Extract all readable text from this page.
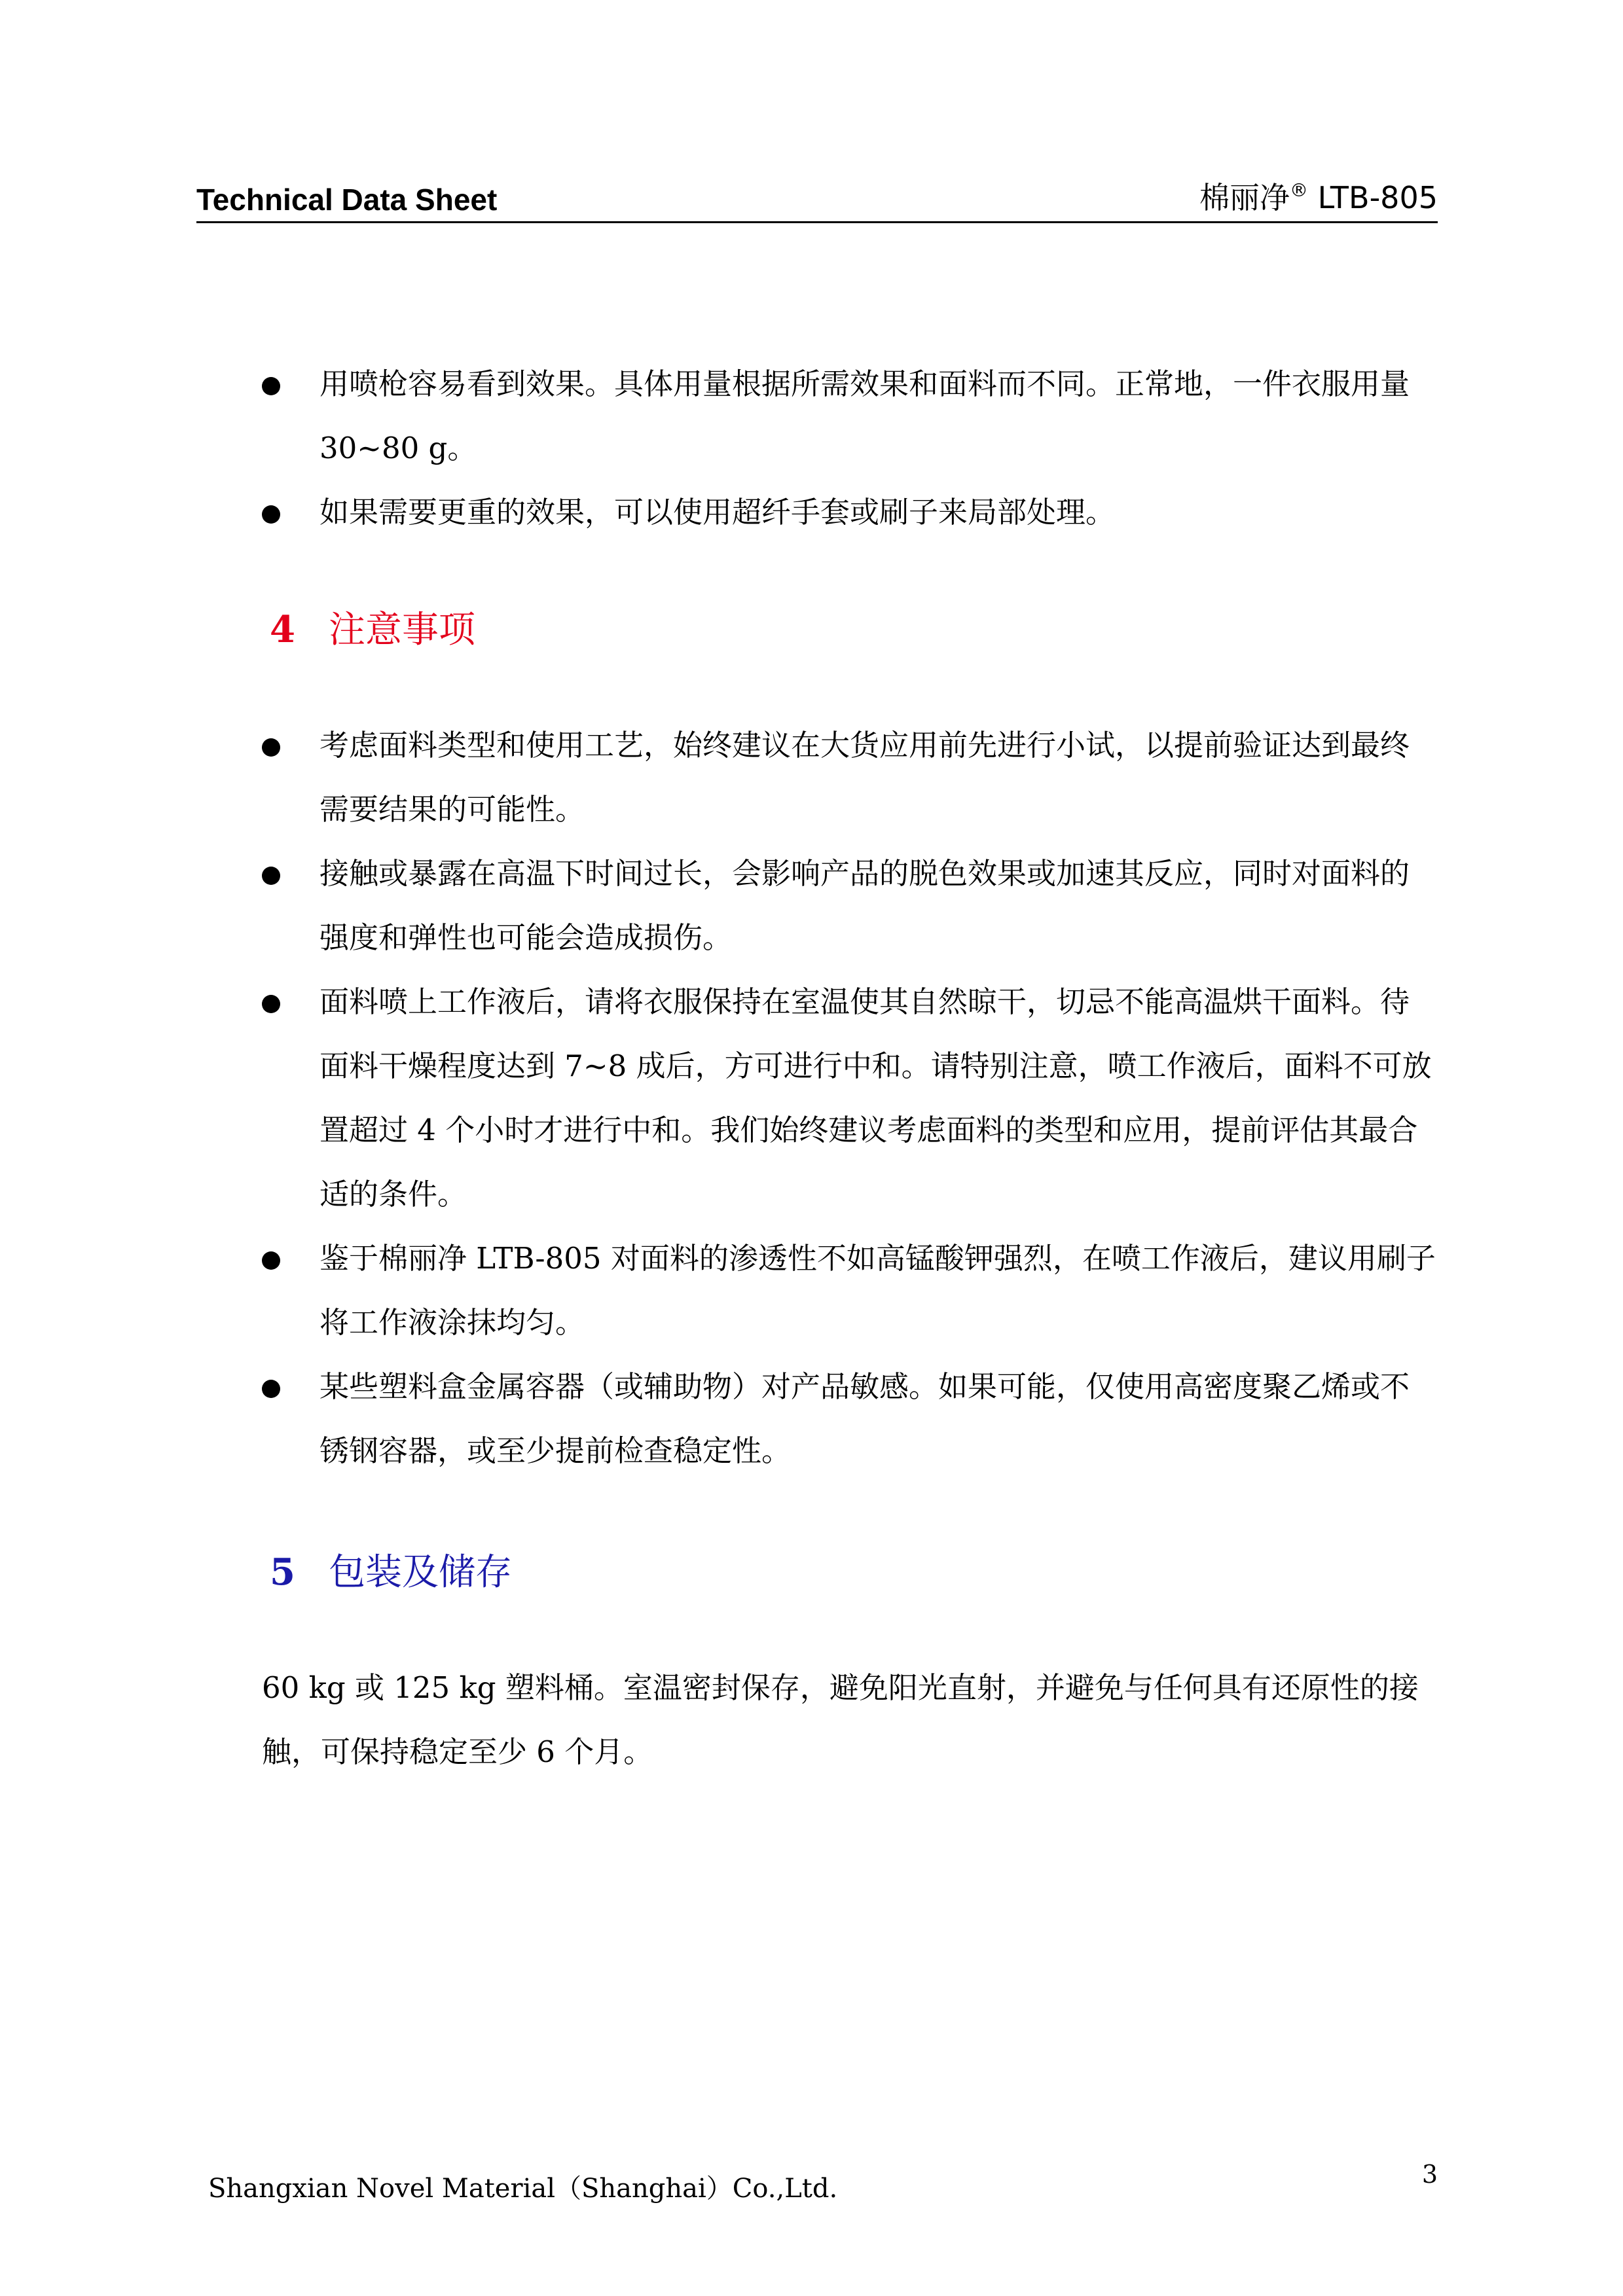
Technical Data Sheet	棉丽净® LTB-805
用喷枪容易看到效果。具体用量根据所需效果和面料而不同。正常地，一件衣服用量 30~80 g。
如果需要更重的效果，可以使用超纤手套或刷子来局部处理。
4 注意事项
考虑面料类型和使用工艺，始终建议在大货应用前先进行小试，以提前验证达到最终需要结果的可能性。
接触或暴露在高温下时间过长，会影响产品的脱色效果或加速其反应，同时对面料的强度和弹性也可能会造成损伤。
面料喷上工作液后，请将衣服保持在室温使其自然晾干，切忌不能高温烘干面料。待面料干燥程度达到 7~8 成后，方可进行中和。请特别注意，喷工作液后，面料不可放置超过 4 个小时才进行中和。我们始终建议考虑面料的类型和应用，提前评估其最合适的条件。
鉴于棉丽净 LTB-805 对面料的渗透性不如高锰酸钾强烈，在喷工作液后，建议用刷子将工作液涂抹均匀。
某些塑料盒金属容器（或辅助物）对产品敏感。如果可能，仅使用高密度聚乙烯或不锈钢容器，或至少提前检查稳定性。
5 包装及储存
60 kg 或 125 kg 塑料桶。室温密封保存，避免阳光直射，并避免与任何具有还原性的接触，可保持稳定至少 6 个月。
Shangxian Novel Material（Shanghai）Co.,Ltd.	3
